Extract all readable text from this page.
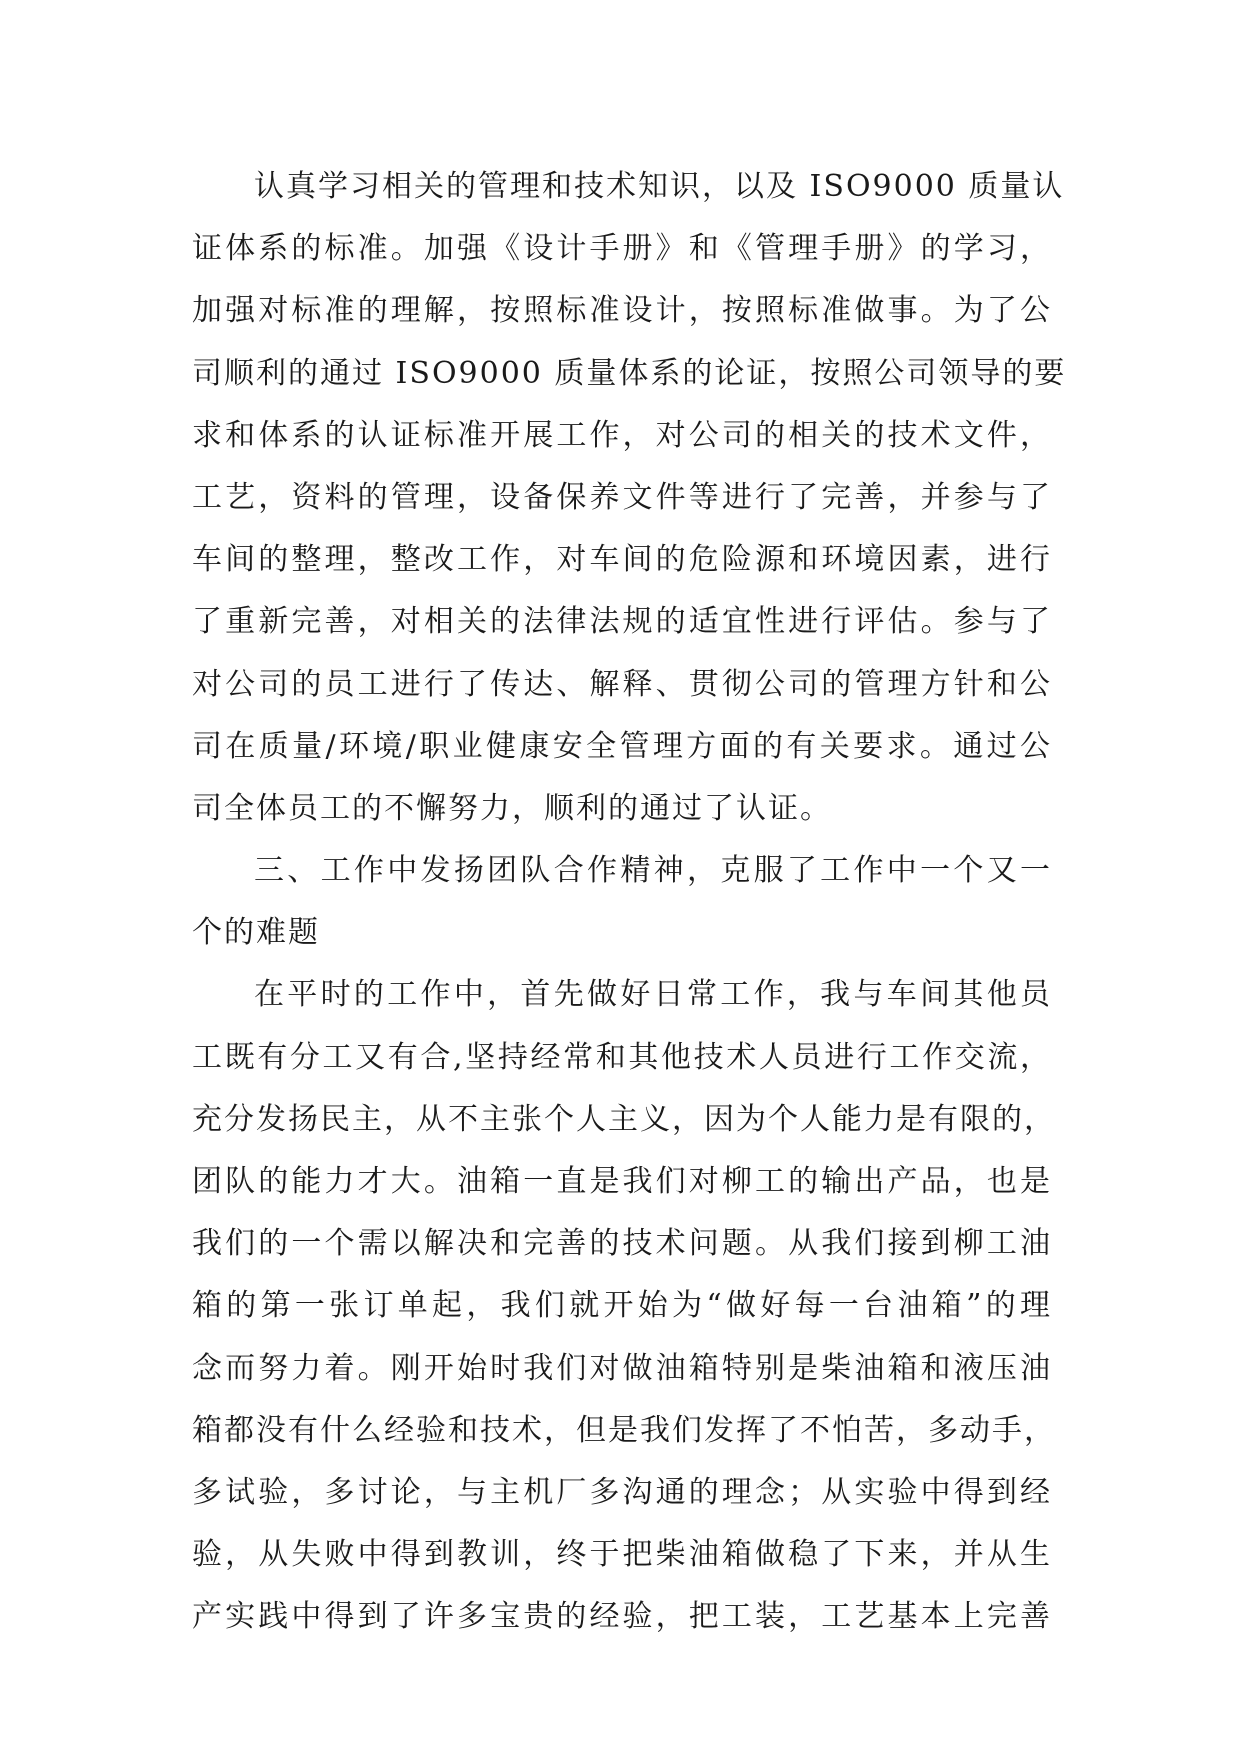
认真学习相关的管理和技术知识，以及 ISO9000 质量认
证体系的标准。加强《设计手册》和《管理手册》的学习，
加强对标准的理解，按照标准设计，按照标准做事。为了公
司顺利的通过 ISO9000 质量体系的论证，按照公司领导的要
求和体系的认证标准开展工作，对公司的相关的技术文件，
工艺，资料的管理，设备保养文件等进行了完善，并参与了
车间的整理，整改工作，对车间的危险源和环境因素，进行
了重新完善，对相关的法律法规的适宜性进行评估。参与了
对公司的员工进行了传达、解释、贯彻公司的管理方针和公
司在质量/环境/职业健康安全管理方面的有关要求。通过公
司全体员工的不懈努力，顺利的通过了认证。
三、工作中发扬团队合作精神，克服了工作中一个又一
个的难题
在平时的工作中，首先做好日常工作，我与车间其他员
工既有分工又有合,坚持经常和其他技术人员进行工作交流，
充分发扬民主，从不主张个人主义，因为个人能力是有限的，
团队的能力才大。油箱一直是我们对柳工的输出产品，也是
我们的一个需以解决和完善的技术问题。从我们接到柳工油
箱的第一张订单起，我们就开始为“做好每一台油箱”的理
念而努力着。刚开始时我们对做油箱特别是柴油箱和液压油
箱都没有什么经验和技术，但是我们发挥了不怕苦，多动手，
多试验，多讨论，与主机厂多沟通的理念；从实验中得到经
验，从失败中得到教训，终于把柴油箱做稳了下来，并从生
产实践中得到了许多宝贵的经验，把工装，工艺基本上完善
